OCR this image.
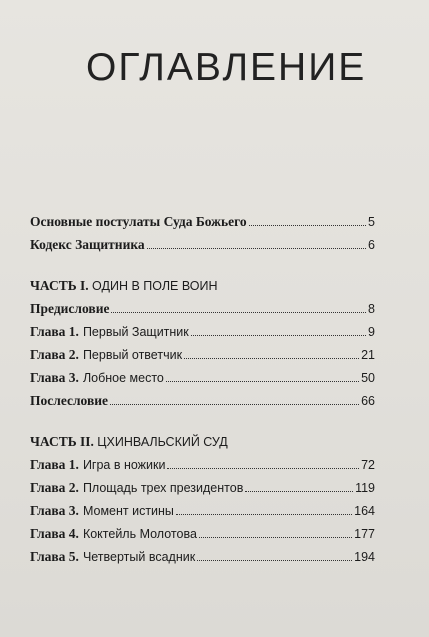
ОГЛАВЛЕНИЕ
Основные постулаты Суда Божьего	5
Кодекс Защитника	6
ЧАСТЬ I. ОДИН В ПОЛЕ ВОИН
Предисловие	8
Глава 1. Первый Защитник	9
Глава 2. Первый ответчик	21
Глава 3. Лобное место	50
Послесловие	66
ЧАСТЬ II. ЦХИНВАЛЬСКИЙ СУД
Глава 1. Игра в ножики	72
Глава 2. Площадь трех президентов	119
Глава 3. Момент истины	164
Глава 4. Коктейль Молотова	177
Глава 5. Четвертый всадник	194
